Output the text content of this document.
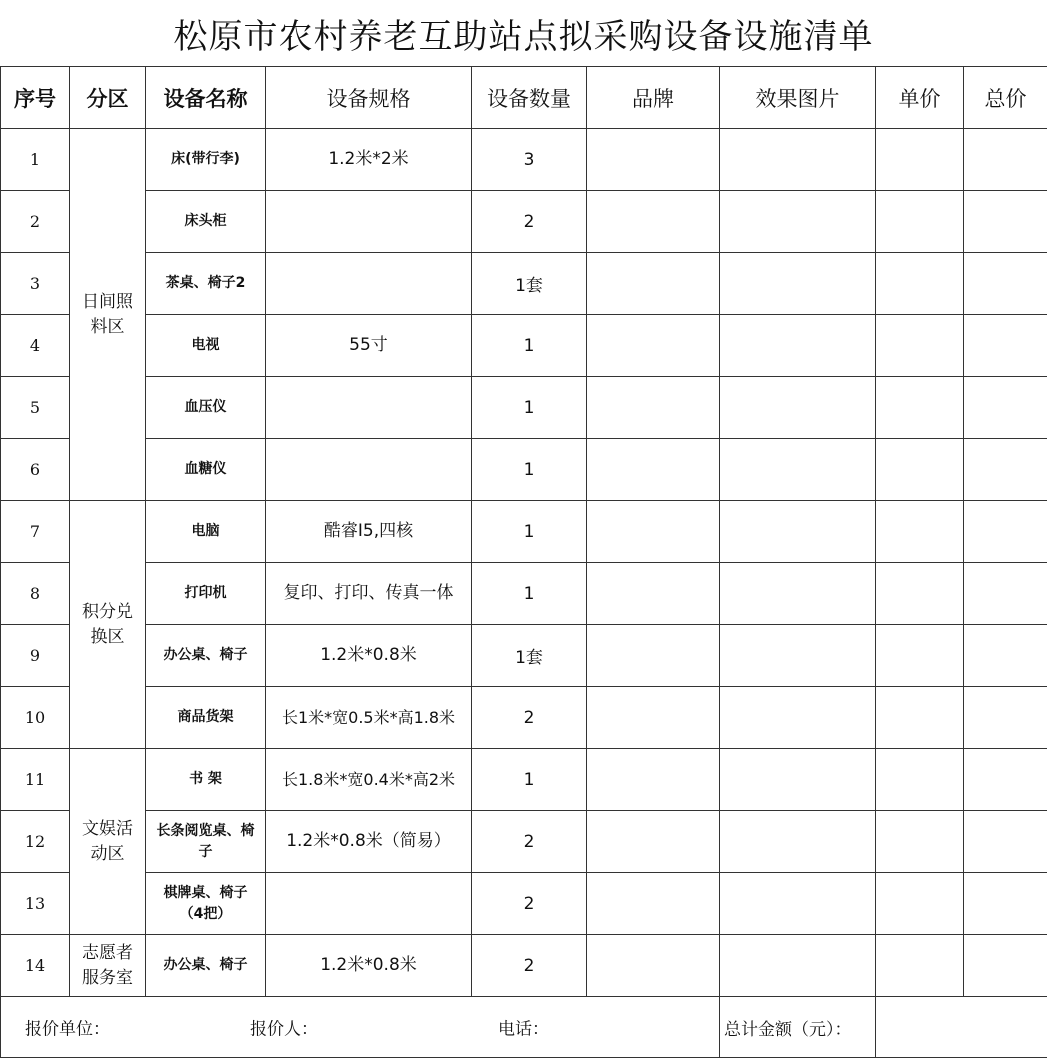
松原市农村养老互助站点拟采购设备设施清单
序号	分区	设备名称	设备规格	设备数量	品牌	效果图片	单价	总价
1	日间照料区	床(带行李)	1.2米*2米	3				
2		床头柜		2				
3		茶桌、椅子2		1套				
4		电视	55寸	1				
5		血压仪		1				
6		血糖仪		1				
7	积分兑换区	电脑	酷睿I5,四核	1				
8		打印机	复印、打印、传真一体	1				
9		办公桌、椅子	1.2米*0.8米	1套				
10		商品货架	长1米*宽0.5米*高1.8米	2				
11	文娱活动区	书 架	长1.8米*宽0.4米*高2米	1				
12		长条阅览桌、椅子	1.2米*0.8米（简易）	2				
13		棋牌桌、椅子（4把）		2				
14	志愿者服务室	办公桌、椅子	1.2米*0.8米	2				

报价单位： 报价人： 电话：						总计金额（元）：		
